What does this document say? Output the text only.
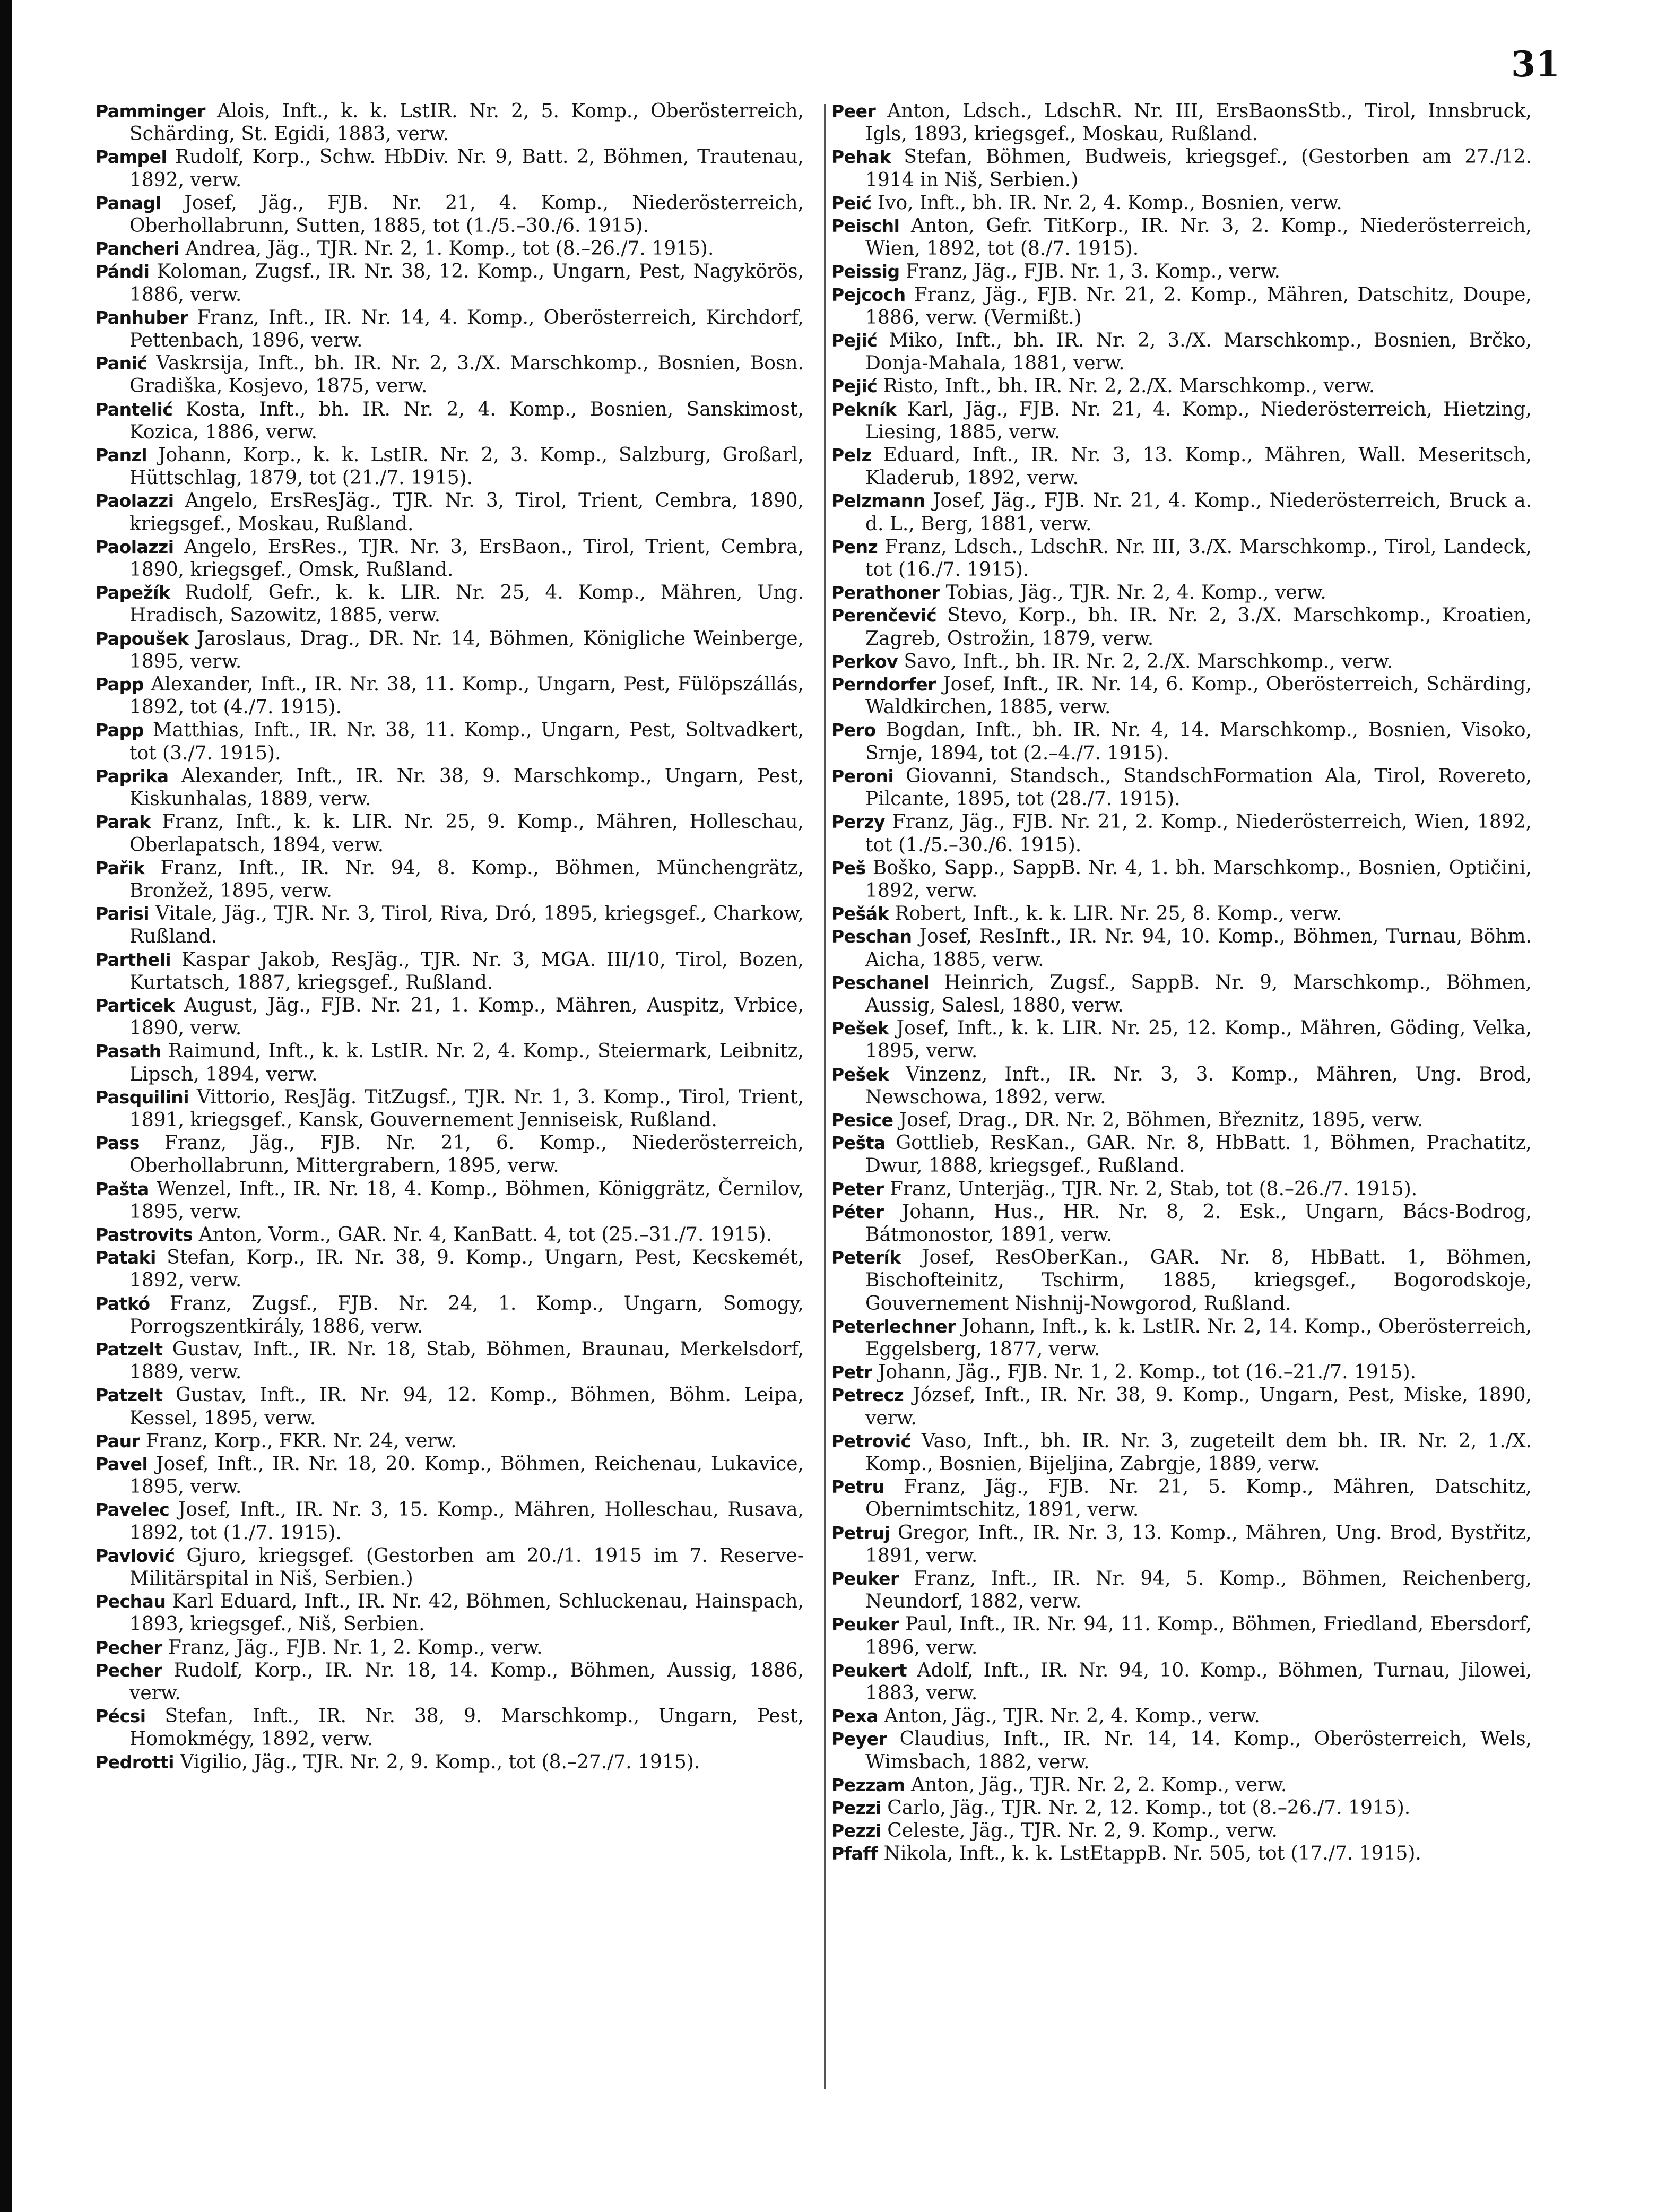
31

Pamminger Alois, Inft., k. k. LstIR. Nr. 2, 5. Komp., Oberösterreich, Schärding, St. Egidi, 1883, verw.

Pampel Rudolf, Korp., Schw. HbDiv. Nr. 9, Batt. 2, Böhmen, Trautenau, 1892, verw.

Panagl Josef, Jäg., FJB. Nr. 21, 4. Komp., Niederösterreich, Oberhollabrunn, Sutten, 1885, tot (1./5.–30./6. 1915).

Pancheri Andrea, Jäg., TJR. Nr. 2, 1. Komp., tot (8.–26./7. 1915).

Pándi Koloman, Zugsf., IR. Nr. 38, 12. Komp., Ungarn, Pest, Nagykörös, 1886, verw.

Panhuber Franz, Inft., IR. Nr. 14, 4. Komp., Oberösterreich, Kirchdorf, Pettenbach, 1896, verw.

Panić Vaskrsija, Inft., bh. IR. Nr. 2, 3./X. Marschkomp., Bosnien, Bosn. Gradiška, Kosjevo, 1875, verw.

Pantelić Kosta, Inft., bh. IR. Nr. 2, 4. Komp., Bosnien, Sanskimost, Kozica, 1886, verw.

Panzl Johann, Korp., k. k. LstIR. Nr. 2, 3. Komp., Salzburg, Großarl, Hüttschlag, 1879, tot (21./7. 1915).

Paolazzi Angelo, ErsResJäg., TJR. Nr. 3, Tirol, Trient, Cembra, 1890, kriegsgef., Moskau, Rußland.

Paolazzi Angelo, ErsRes., TJR. Nr. 3, ErsBaon., Tirol, Trient, Cembra, 1890, kriegsgef., Omsk, Rußland.

Papežík Rudolf, Gefr., k. k. LIR. Nr. 25, 4. Komp., Mähren, Ung. Hradisch, Sazowitz, 1885, verw.

Papoušek Jaroslaus, Drag., DR. Nr. 14, Böhmen, Königliche Weinberge, 1895, verw.

Papp Alexander, Inft., IR. Nr. 38, 11. Komp., Ungarn, Pest, Fülöpszállás, 1892, tot (4./7. 1915).

Papp Matthias, Inft., IR. Nr. 38, 11. Komp., Ungarn, Pest, Soltvadkert, tot (3./7. 1915).

Paprika Alexander, Inft., IR. Nr. 38, 9. Marschkomp., Ungarn, Pest, Kiskunhalas, 1889, verw.

Parak Franz, Inft., k. k. LIR. Nr. 25, 9. Komp., Mähren, Holleschau, Oberlapatsch, 1894, verw.

Pařik Franz, Inft., IR. Nr. 94, 8. Komp., Böhmen, Münchengrätz, Bronžež, 1895, verw.

Parisi Vitale, Jäg., TJR. Nr. 3, Tirol, Riva, Dró, 1895, kriegsgef., Charkow, Rußland.

Partheli Kaspar Jakob, ResJäg., TJR. Nr. 3, MGA. III/10, Tirol, Bozen, Kurtatsch, 1887, kriegsgef., Rußland.

Particek August, Jäg., FJB. Nr. 21, 1. Komp., Mähren, Auspitz, Vrbice, 1890, verw.

Pasath Raimund, Inft., k. k. LstIR. Nr. 2, 4. Komp., Steiermark, Leibnitz, Lipsch, 1894, verw.

Pasquilini Vittorio, ResJäg. TitZugsf., TJR. Nr. 1, 3. Komp., Tirol, Trient, 1891, kriegsgef., Kansk, Gouvernement Jenniseisk, Rußland.

Pass Franz, Jäg., FJB. Nr. 21, 6. Komp., Niederösterreich, Oberhollabrunn, Mittergrabern, 1895, verw.

Pašta Wenzel, Inft., IR. Nr. 18, 4. Komp., Böhmen, Königgrätz, Černilov, 1895, verw.

Pastrovits Anton, Vorm., GAR. Nr. 4, KanBatt. 4, tot (25.–31./7. 1915).

Pataki Stefan, Korp., IR. Nr. 38, 9. Komp., Ungarn, Pest, Kecskemét, 1892, verw.

Patkó Franz, Zugsf., FJB. Nr. 24, 1. Komp., Ungarn, Somogy, Porrogszentkirály, 1886, verw.

Patzelt Gustav, Inft., IR. Nr. 18, Stab, Böhmen, Braunau, Merkelsdorf, 1889, verw.

Patzelt Gustav, Inft., IR. Nr. 94, 12. Komp., Böhmen, Böhm. Leipa, Kessel, 1895, verw.

Paur Franz, Korp., FKR. Nr. 24, verw.

Pavel Josef, Inft., IR. Nr. 18, 20. Komp., Böhmen, Reichenau, Lukavice, 1895, verw.

Pavelec Josef, Inft., IR. Nr. 3, 15. Komp., Mähren, Holleschau, Rusava, 1892, tot (1./7. 1915).

Pavlović Gjuro, kriegsgef. (Gestorben am 20./1. 1915 im 7. Reserve-Militärspital in Niš, Serbien.)

Pechau Karl Eduard, Inft., IR. Nr. 42, Böhmen, Schluckenau, Hainspach, 1893, kriegsgef., Niš, Serbien.

Pecher Franz, Jäg., FJB. Nr. 1, 2. Komp., verw.

Pecher Rudolf, Korp., IR. Nr. 18, 14. Komp., Böhmen, Aussig, 1886, verw.

Pécsi Stefan, Inft., IR. Nr. 38, 9. Marschkomp., Ungarn, Pest, Homokmégy, 1892, verw.

Pedrotti Vigilio, Jäg., TJR. Nr. 2, 9. Komp., tot (8.–27./7. 1915).

Peer Anton, Ldsch., LdschR. Nr. III, ErsBaonsStb., Tirol, Innsbruck, Igls, 1893, kriegsgef., Moskau, Rußland.

Pehak Stefan, Böhmen, Budweis, kriegsgef., (Gestorben am 27./12. 1914 in Niš, Serbien.)

Peić Ivo, Inft., bh. IR. Nr. 2, 4. Komp., Bosnien, verw.

Peischl Anton, Gefr. TitKorp., IR. Nr. 3, 2. Komp., Niederösterreich, Wien, 1892, tot (8./7. 1915).

Peissig Franz, Jäg., FJB. Nr. 1, 3. Komp., verw.

Pejcoch Franz, Jäg., FJB. Nr. 21, 2. Komp., Mähren, Datschitz, Doupe, 1886, verw. (Vermißt.)

Pejić Miko, Inft., bh. IR. Nr. 2, 3./X. Marschkomp., Bosnien, Brčko, Donja-Mahala, 1881, verw.

Pejić Risto, Inft., bh. IR. Nr. 2, 2./X. Marschkomp., verw.

Pekník Karl, Jäg., FJB. Nr. 21, 4. Komp., Niederösterreich, Hietzing, Liesing, 1885, verw.

Pelz Eduard, Inft., IR. Nr. 3, 13. Komp., Mähren, Wall. Meseritsch, Kladerub, 1892, verw.

Pelzmann Josef, Jäg., FJB. Nr. 21, 4. Komp., Niederösterreich, Bruck a. d. L., Berg, 1881, verw.

Penz Franz, Ldsch., LdschR. Nr. III, 3./X. Marschkomp., Tirol, Landeck, tot (16./7. 1915).

Perathoner Tobias, Jäg., TJR. Nr. 2, 4. Komp., verw.

Perenčević Stevo, Korp., bh. IR. Nr. 2, 3./X. Marschkomp., Kroatien, Zagreb, Ostrožin, 1879, verw.

Perkov Savo, Inft., bh. IR. Nr. 2, 2./X. Marschkomp., verw.

Perndorfer Josef, Inft., IR. Nr. 14, 6. Komp., Oberösterreich, Schärding, Waldkirchen, 1885, verw.

Pero Bogdan, Inft., bh. IR. Nr. 4, 14. Marschkomp., Bosnien, Visoko, Srnje, 1894, tot (2.–4./7. 1915).

Peroni Giovanni, Standsch., StandschFormation Ala, Tirol, Rovereto, Pilcante, 1895, tot (28./7. 1915).

Perzy Franz, Jäg., FJB. Nr. 21, 2. Komp., Niederösterreich, Wien, 1892, tot (1./5.–30./6. 1915).

Peš Boško, Sapp., SappB. Nr. 4, 1. bh. Marschkomp., Bosnien, Optičini, 1892, verw.

Pešák Robert, Inft., k. k. LIR. Nr. 25, 8. Komp., verw.

Peschan Josef, ResInft., IR. Nr. 94, 10. Komp., Böhmen, Turnau, Böhm. Aicha, 1885, verw.

Peschanel Heinrich, Zugsf., SappB. Nr. 9, Marschkomp., Böhmen, Aussig, Salesl, 1880, verw.

Pešek Josef, Inft., k. k. LIR. Nr. 25, 12. Komp., Mähren, Göding, Velka, 1895, verw.

Pešek Vinzenz, Inft., IR. Nr. 3, 3. Komp., Mähren, Ung. Brod, Newschowa, 1892, verw.

Pesice Josef, Drag., DR. Nr. 2, Böhmen, Březnitz, 1895, verw.

Pešta Gottlieb, ResKan., GAR. Nr. 8, HbBatt. 1, Böhmen, Prachatitz, Dwur, 1888, kriegsgef., Rußland.

Peter Franz, Unterjäg., TJR. Nr. 2, Stab, tot (8.–26./7. 1915).

Péter Johann, Hus., HR. Nr. 8, 2. Esk., Ungarn, Bács-Bodrog, Bátmonostor, 1891, verw.

Peterík Josef, ResOberKan., GAR. Nr. 8, HbBatt. 1, Böhmen, Bischofteinitz, Tschirm, 1885, kriegsgef., Bogorodskoje, Gouvernement Nishnij-Nowgorod, Rußland.

Peterlechner Johann, Inft., k. k. LstIR. Nr. 2, 14. Komp., Oberösterreich, Eggelsberg, 1877, verw.

Petr Johann, Jäg., FJB. Nr. 1, 2. Komp., tot (16.–21./7. 1915).

Petrecz József, Inft., IR. Nr. 38, 9. Komp., Ungarn, Pest, Miske, 1890, verw.

Petrović Vaso, Inft., bh. IR. Nr. 3, zugeteilt dem bh. IR. Nr. 2, 1./X. Komp., Bosnien, Bijeljina, Zabrgje, 1889, verw.

Petru Franz, Jäg., FJB. Nr. 21, 5. Komp., Mähren, Datschitz, Obernimtschitz, 1891, verw.

Petruj Gregor, Inft., IR. Nr. 3, 13. Komp., Mähren, Ung. Brod, Bystřitz, 1891, verw.

Peuker Franz, Inft., IR. Nr. 94, 5. Komp., Böhmen, Reichenberg, Neundorf, 1882, verw.

Peuker Paul, Inft., IR. Nr. 94, 11. Komp., Böhmen, Friedland, Ebersdorf, 1896, verw.

Peukert Adolf, Inft., IR. Nr. 94, 10. Komp., Böhmen, Turnau, Jilowei, 1883, verw.

Pexa Anton, Jäg., TJR. Nr. 2, 4. Komp., verw.

Peyer Claudius, Inft., IR. Nr. 14, 14. Komp., Oberösterreich, Wels, Wimsbach, 1882, verw.

Pezzam Anton, Jäg., TJR. Nr. 2, 2. Komp., verw.

Pezzi Carlo, Jäg., TJR. Nr. 2, 12. Komp., tot (8.–26./7. 1915).

Pezzi Celeste, Jäg., TJR. Nr. 2, 9. Komp., verw.

Pfaff Nikola, Inft., k. k. LstEtappB. Nr. 505, tot (17./7. 1915).
